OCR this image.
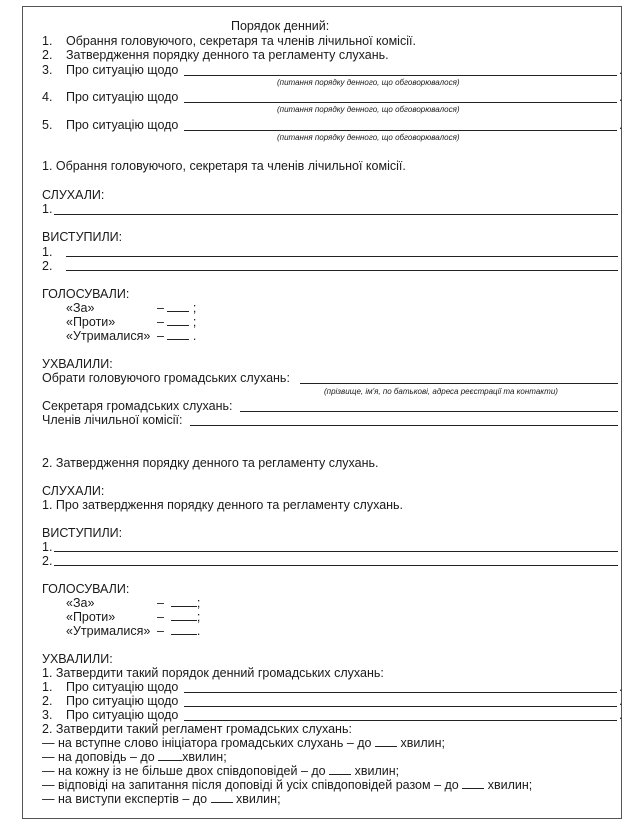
Порядок денний:
1. Обрання головуючого, секретаря та членів лічильної комісії.
2. Затвердження порядку денного та регламенту слухань.
3. Про ситуацію щодо	.
(питання порядку денного, що обговорювалося)
4. Про ситуацію щодо	.
(питання порядку денного, що обговорювалося)
5. Про ситуацію щодо	.
(питання порядку денного, що обговорювалося)
1. Обрання головуючого, секретаря та членів лічильної комісії.
СЛУХАЛИ:
1.
ВИСТУПИЛИ:
1.
2.
ГОЛОСУВАЛИ:
«За»	– ;
«Проти»	– ;
«Утрималися» – .
УХВАЛИЛИ:
Обрати головуючого громадських слухань:
(прізвище, ім'я, по батькові, адреса реєстрації та контакти)
Секретаря громадських слухань:
Членів лічильної комісії:
2. Затвердження порядку денного та регламенту слухань.
СЛУХАЛИ:
1. Про затвердження порядку денного та регламенту слухань.
ВИСТУПИЛИ:
1.
2.
ГОЛОСУВАЛИ:
«За»	–	;
«Проти»	–	;
«Утрималися» –	.
УХВАЛИЛИ:
1. Затвердити такий порядок денний громадських слухань:
1. Про ситуацію щодо	.
2. Про ситуацію щодо	.
3. Про ситуацію щодо	.
2. Затвердити такий регламент громадських слухань:
— на вступне слово ініціатора громадських слухань – до хвилин;
— на доповідь – до хвилин;
— на кожну із не більше двох співдоповідей – до хвилин;
— відповіді на запитання після доповіді й усіх співдоповідей разом – до хвилин;
— на виступи експертів – до хвилин;
